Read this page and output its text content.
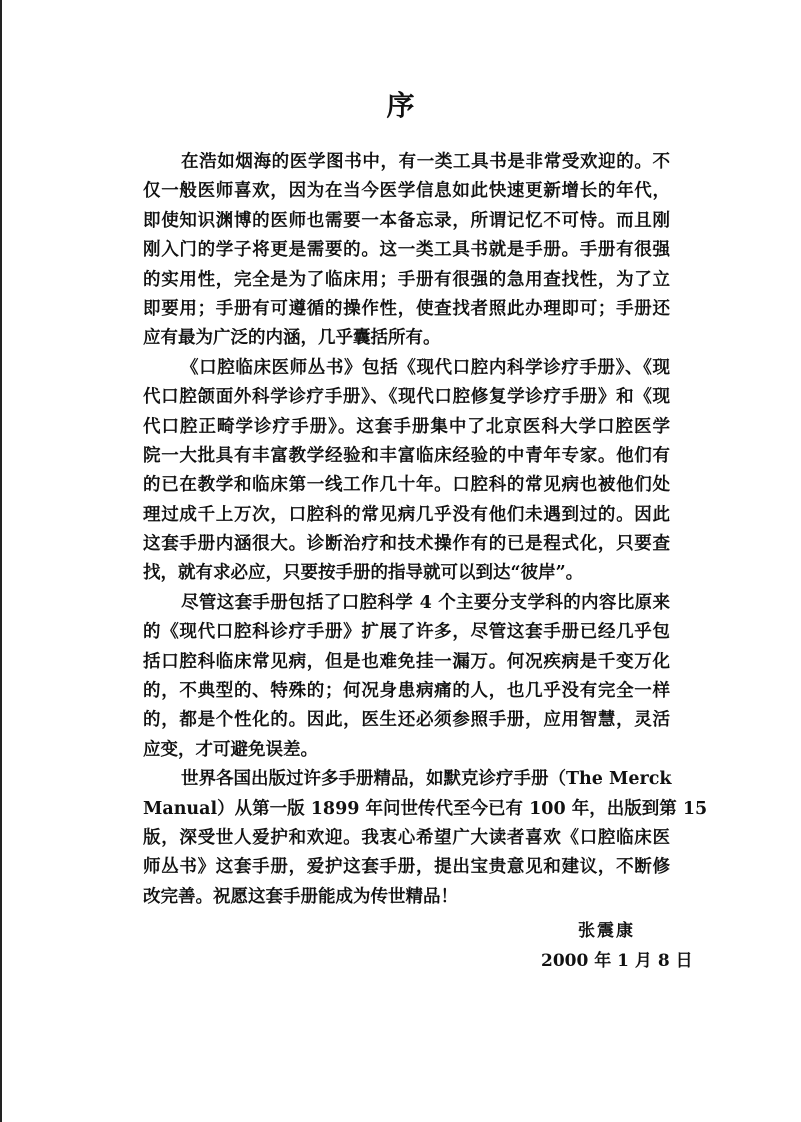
序
在浩如烟海的医学图书中，有一类工具书是非常受欢迎的。不
仅一般医师喜欢，因为在当今医学信息如此快速更新增长的年代，
即使知识渊博的医师也需要一本备忘录，所谓记忆不可恃。而且刚
刚入门的学子将更是需要的。这一类工具书就是手册。手册有很强
的实用性，完全是为了临床用；手册有很强的急用查找性，为了立
即要用；手册有可遵循的操作性，使查找者照此办理即可；手册还
应有最为广泛的内涵，几乎囊括所有。
《口腔临床医师丛书》包括《现代口腔内科学诊疗手册》、《现
代口腔颌面外科学诊疗手册》、《现代口腔修复学诊疗手册》和《现
代口腔正畸学诊疗手册》。这套手册集中了北京医科大学口腔医学
院一大批具有丰富教学经验和丰富临床经验的中青年专家。他们有
的已在教学和临床第一线工作几十年。口腔科的常见病也被他们处
理过成千上万次，口腔科的常见病几乎没有他们未遇到过的。因此
这套手册内涵很大。诊断治疗和技术操作有的已是程式化，只要查
找，就有求必应，只要按手册的指导就可以到达“彼岸”。
尽管这套手册包括了口腔科学 4 个主要分支学科的内容比原来
的《现代口腔科诊疗手册》扩展了许多，尽管这套手册已经几乎包
括口腔科临床常见病，但是也难免挂一漏万。何况疾病是千变万化
的，不典型的、特殊的；何况身患病痛的人，也几乎没有完全一样
的，都是个性化的。因此，医生还必须参照手册，应用智慧，灵活
应变，才可避免误差。
世界各国出版过许多手册精品，如默克诊疗手册（The Merck
Manual）从第一版 1899 年问世传代至今已有 100 年，出版到第 15
版，深受世人爱护和欢迎。我衷心希望广大读者喜欢《口腔临床医
师丛书》这套手册，爱护这套手册，提出宝贵意见和建议，不断修
改完善。祝愿这套手册能成为传世精品！
张震康
2000 年 1 月 8 日
